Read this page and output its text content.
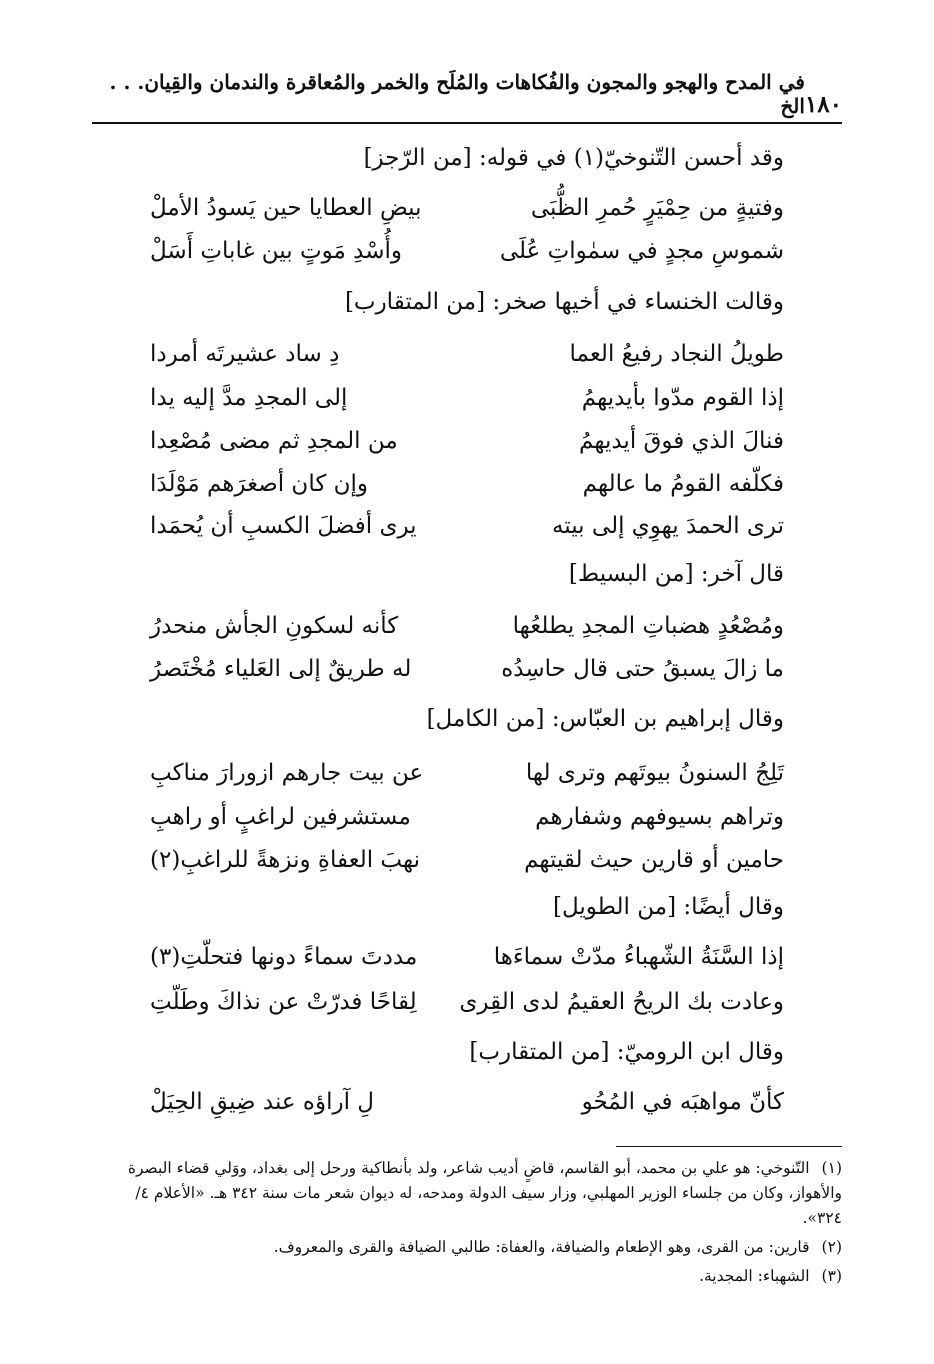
١٨٠
في المدح والهجو والمجون والفُكاهات والمُلَح والخمر والمُعاقرة والندمان والقِيان. . . الخ
وقد أحسن التّنوخيّ(١) في قوله: [من الرّجز]
وفتيةٍ من حِمْيَرٍ حُمرِ الظُّبَى
بيضِ العطايا حين يَسودُ الأملْ
شموسِ مجدٍ في سمٰواتِ عُلَى
وأُسْدِ مَوتٍ بين غاباتِ أَسَلْ
وقالت الخنساء في أخيها صخر: [من المتقارب]
طويلُ النجاد رفيعُ العما
دِ ساد عشيرتَه أمردا
إذا القوم مدّوا بأيديهمُ
إلى المجدِ مدَّ إليه يدا
فنالَ الذي فوقَ أيديهمُ
من المجدِ ثم مضى مُصْعِدا
فكلّفه القومُ ما عالهم
وإن كان أصغرَهم مَوْلَدَا
ترى الحمدَ يهوِي إلى بيته
يرى أفضلَ الكسبِ أن يُحمَدا
قال آخر: [من البسيط]
ومُصْعُدٍ هضباتِ المجدِ يطلعُها
كأنه لسكونِ الجأش منحدرُ
ما زالَ يسبقُ حتى قال حاسِدُه
له طريقٌ إلى العَلياء مُخْتَصرُ
وقال إبراهيم بن العبّاس: [من الكامل]
تَلِجُ السنونُ بيوتَهم وترى لها
عن بيت جارهم ازورارَ مناكبِ
وتراهم بسيوفهم وشفارهم
مستشرفين لراغبٍ أو راهبِ
حامين أو قارين حيث لقيتهم
نهبَ العفاةِ ونزهةً للراغبِ(٢)
وقال أيضًا: [من الطويل]
إذا السَّنَةُ الشّهباءُ مدّتْ سماءَها
مددتَ سماءً دونها فتحلّتِ(٣)
وعادت بك الريحُ العقيمُ لدى القِرى
لِقاحًا فدرّتْ عن نذاكَ وطَلّتِ
وقال ابن الروميّ: [من المتقارب]
كأنّ مواهبَه في المُحُو
لِ آراؤه عند ضِيقِ الحِيَلْ

(١)التّنوخي: هو علي بن محمد، أبو القاسم، قاضٍ أديب شاعر، ولد بأنطاكية ورحل إلى بغداد، ووَلي قضاء البصرة والأهواز، وكان من جلساء الوزير المهلبي، وزار سيف الدولة ومدحه، له ديوان شعر مات سنة ٣٤٢ هـ. «الأعلام ٤/ ٣٢٤».

(٢)قارين: من القرى، وهو الإطعام والضيافة، والعفاة: طالبي الضيافة والقرى والمعروف.

(٣)الشهباء: المجدية.
